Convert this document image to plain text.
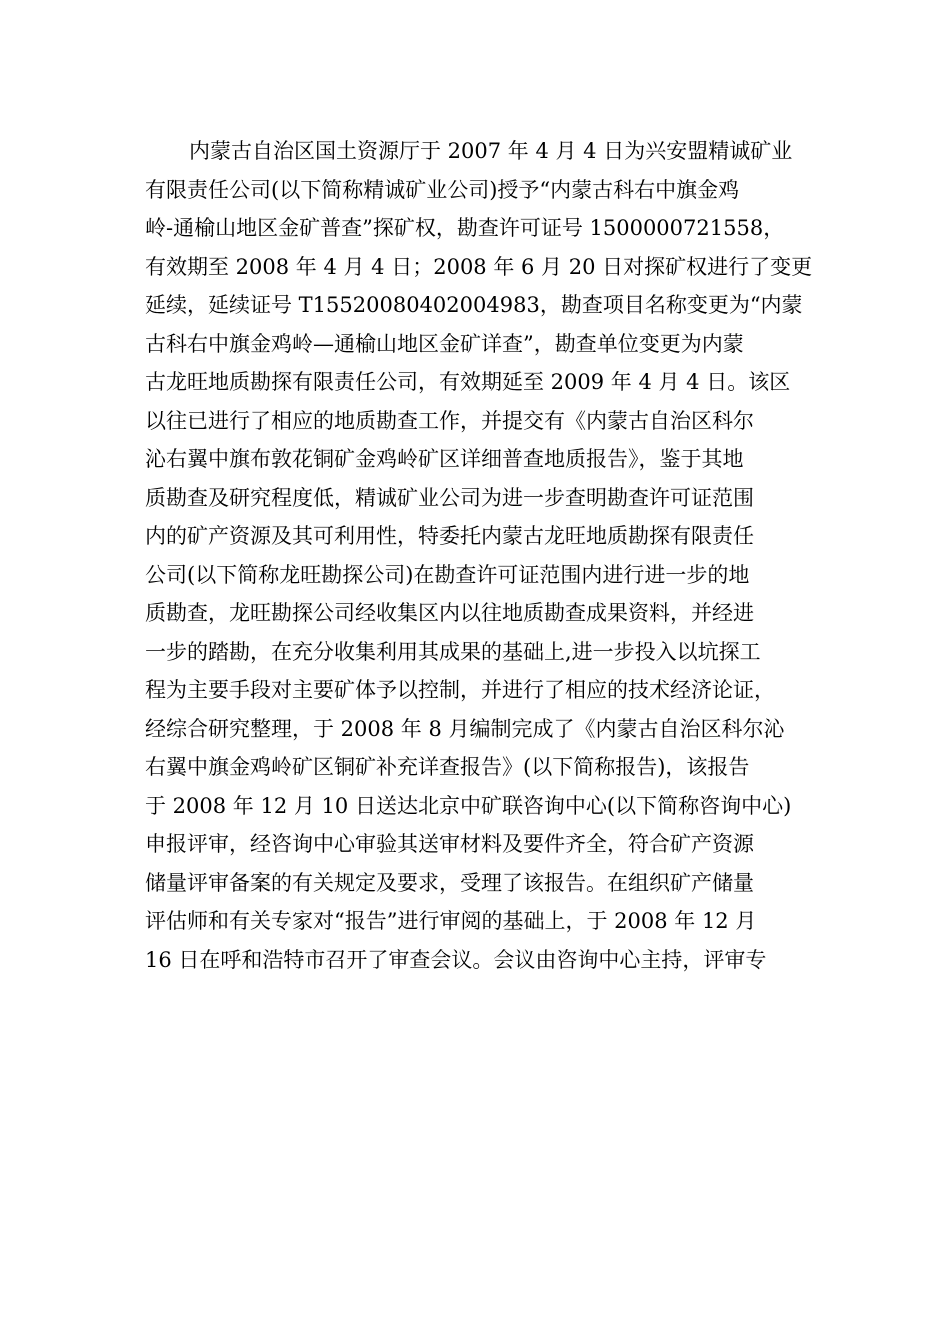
内蒙古自治区国土资源厅于 2007 年 4 月 4 日为兴安盟精诚矿业
有限责任公司(以下简称精诚矿业公司)授予“内蒙古科右中旗金鸡
岭-通榆山地区金矿普查”探矿权，勘查许可证号 1500000721558，
有效期至 2008 年 4 月 4 日；2008 年 6 月 20 日对探矿权进行了变更
延续，延续证号 T15520080402004983，勘查项目名称变更为“内蒙
古科右中旗金鸡岭—通榆山地区金矿详查”，勘查单位变更为内蒙
古龙旺地质勘探有限责任公司，有效期延至 2009 年 4 月 4 日。该区
以往已进行了相应的地质勘查工作，并提交有《内蒙古自治区科尔
沁右翼中旗布敦花铜矿金鸡岭矿区详细普查地质报告》，鉴于其地
质勘查及研究程度低，精诚矿业公司为进一步查明勘查许可证范围
内的矿产资源及其可利用性，特委托内蒙古龙旺地质勘探有限责任
公司(以下简称龙旺勘探公司)在勘查许可证范围内进行进一步的地
质勘查，龙旺勘探公司经收集区内以往地质勘查成果资料，并经进
一步的踏勘，在充分收集利用其成果的基础上,进一步投入以坑探工
程为主要手段对主要矿体予以控制，并进行了相应的技术经济论证，
经综合研究整理，于 2008 年 8 月编制完成了《内蒙古自治区科尔沁
右翼中旗金鸡岭矿区铜矿补充详查报告》(以下简称报告)，该报告
于 2008 年 12 月 10 日送达北京中矿联咨询中心(以下简称咨询中心)
申报评审，经咨询中心审验其送审材料及要件齐全，符合矿产资源
储量评审备案的有关规定及要求，受理了该报告。在组织矿产储量
评估师和有关专家对“报告”进行审阅的基础上，于 2008 年 12 月
16 日在呼和浩特市召开了审查会议。会议由咨询中心主持，评审专
